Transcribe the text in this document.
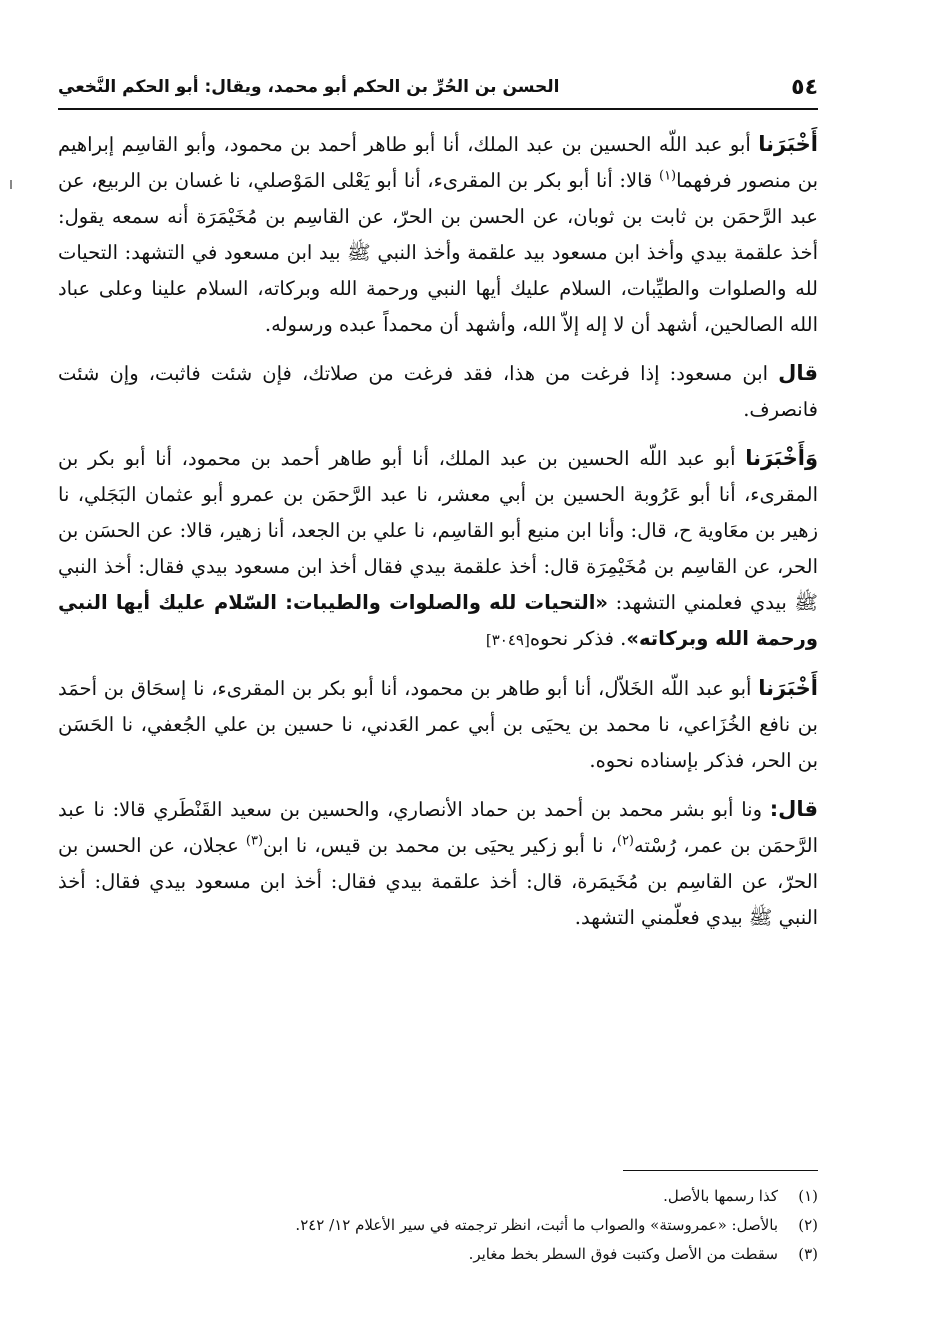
٥٤
الحسن بن الحُرِّ بن الحكم أبو محمد، ويقال: أبو الحكم النَّخعي

أَخْبَرَنا أبو عبد اللّه الحسين بن عبد الملك، أنا أبو طاهر أحمد بن محمود، وأبو القاسِم إبراهيم بن منصور فرفهما$^{(١)}$ قالا: أنا أبو بكر بن المقرىء، أنا أبو يَعْلى المَوْصلي، نا غسان بن الربيع، عن عبد الرَّحمَن بن ثابت بن ثوبان، عن الحسن بن الحرّ، عن القاسِم بن مُخَيْمَرَة أنه سمعه يقول: أخذ علقمة بيدي وأخذ ابن مسعود بيد علقمة وأخذ النبي ﷺ بيد ابن مسعود في التشهد: التحيات لله والصلوات والطيِّبات، السلام عليك أيها النبي ورحمة الله وبركاته، السلام علينا وعلى عباد الله الصالحين، أشهد أن لا إله إلاّ الله، وأشهد أن محمداً عبده ورسوله.

قال ابن مسعود: إذا فرغت من هذا، فقد فرغت من صلاتك، فإن شئت فاثبت، وإن شئت فانصرف.

وَأَخْبَرَنا أبو عبد اللّه الحسين بن عبد الملك، أنا أبو طاهر أحمد بن محمود، أنا أبو بكر بن المقرىء، أنا أبو عَرُوبة الحسين بن أبي معشر، نا عبد الرَّحمَن بن عمرو أبو عثمان البَجَلي، نا زهير بن معَاوية ح، قال: وأنا ابن منيع أبو القاسِم، نا علي بن الجعد، أنا زهير، قالا: عن الحسَن بن الحر، عن القاسِم بن مُخَيْمِرَة قال: أخذ علقمة بيدي فقال أخذ ابن مسعود بيدي فقال: أخذ النبي ﷺ بيدي فعلمني التشهد: «التحيات لله والصلوات والطيبات: السّلام عليك أيها النبي ورحمة الله وبركاته». فذكر نحوه[٣٠٤٩]

أَخْبَرَنا أبو عبد اللّه الخَلاّل، أنا أبو طاهر بن محمود، أنا أبو بكر بن المقرىء، نا إسحَاق بن أحمَد بن نافع الخُزَاعي، نا محمد بن يحيَى بن أبي عمر العَدني، نا حسين بن علي الجُعفي، نا الحَسَن بن الحر، فذكر بإسناده نحوه.

قال: ونا أبو بشر محمد بن أحمد بن حماد الأنصاري، والحسين بن سعيد القَنْطَري قالا: نا عبد الرَّحمَن بن عمر، رُسْته$^{(٢)}$، نا أبو زكير يحيَى بن محمد بن قيس، نا ابن$^{(٣)}$ عجلان، عن الحسن بن الحرّ، عن القاسِم بن مُخَيمَرة، قال: أخذ علقمة بيدي فقال: أخذ ابن مسعود بيدي فقال: أخذ النبي ﷺ بيدي فعلّمني التشهد.

(١)
كذا رسمها بالأصل.
(٢)
بالأصل: «عمروستة» والصواب ما أثبت، انظر ترجمته في سير الأعلام ١٢/ ٢٤٢.
(٣)
سقطت من الأصل وكتبت فوق السطر بخط مغاير.
